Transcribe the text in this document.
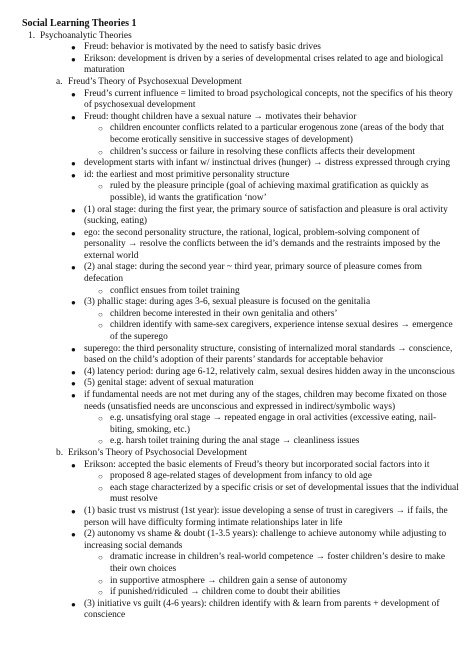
Social Learning Theories 1
1. Psychoanalytic Theories
● Freud: behavior is motivated by the need to satisfy basic drives
● Erikson: development is driven by a series of developmental crises related to age and biological maturation
a. Freud’s Theory of Psychosexual Development
● Freud’s current influence = limited to broad psychological concepts, not the specifics of his theory of psychosexual development
● Freud: thought children have a sexual nature → motivates their behavior
○ children encounter conflicts related to a particular erogenous zone (areas of the body that become erotically sensitive in successive stages of development)
○ children’s success or failure in resolving these conflicts affects their development
● development starts with infant w/ instinctual drives (hunger) → distress expressed through crying
● id: the earliest and most primitive personality structure
○ ruled by the pleasure principle (goal of achieving maximal gratification as quickly as possible), id wants the gratification ‘now’
● (1) oral stage: during the first year, the primary source of satisfaction and pleasure is oral activity (sucking, eating)
● ego: the second personality structure, the rational, logical, problem-solving component of personality → resolve the conflicts between the id’s demands and the restraints imposed by the external world
● (2) anal stage: during the second year ~ third year, primary source of pleasure comes from defecation
○ conflict ensues from toilet training
● (3) phallic stage: during ages 3-6, sexual pleasure is focused on the genitalia
○ children become interested in their own genitalia and others’
○ children identify with same-sex caregivers, experience intense sexual desires → emergence of the superego
● superego: the third personality structure, consisting of internalized moral standards → conscience, based on the child’s adoption of their parents’ standards for acceptable behavior
● (4) latency period: during age 6-12, relatively calm, sexual desires hidden away in the unconscious
● (5) genital stage: advent of sexual maturation
● if fundamental needs are not met during any of the stages, children may become fixated on those needs (unsatisfied needs are unconscious and expressed in indirect/symbolic ways)
○ e.g. unsatisfying oral stage → repeated engage in oral activities (excessive eating, nail-biting, smoking, etc.)
○ e.g. harsh toilet training during the anal stage → cleanliness issues
b. Erikson’s Theory of Psychosocial Development
● Erikson: accepted the basic elements of Freud’s theory but incorporated social factors into it
○ proposed 8 age-related stages of development from infancy to old age
○ each stage characterized by a specific crisis or set of developmental issues that the individual must resolve
● (1) basic trust vs mistrust (1st year): issue developing a sense of trust in caregivers → if fails, the person will have difficulty forming intimate relationships later in life
● (2) autonomy vs shame & doubt (1-3.5 years): challenge to achieve autonomy while adjusting to increasing social demands
○ dramatic increase in children’s real-world competence → foster children’s desire to make their own choices
○ in supportive atmosphere → children gain a sense of autonomy
○ if punished/ridiculed → children come to doubt their abilities
● (3) initiative vs guilt (4-6 years): children identify with & learn from parents + development of conscience
